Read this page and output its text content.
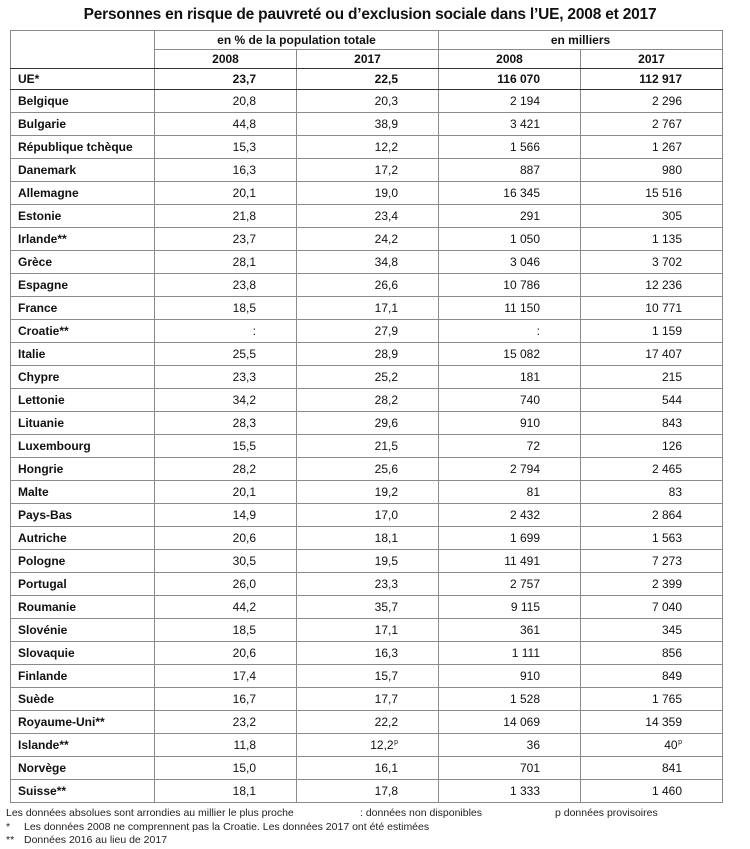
Personnes en risque de pauvreté ou d’exclusion sociale dans l’UE, 2008 et 2017
	en % de la population totale		en milliers	
	2008	2017	2008	2017
UE*	23,7	22,5	116 070	112 917
Belgique	20,8	20,3	2 194	2 296
Bulgarie	44,8	38,9	3 421	2 767
République tchèque	15,3	12,2	1 566	1 267
Danemark	16,3	17,2	887	980
Allemagne	20,1	19,0	16 345	15 516
Estonie	21,8	23,4	291	305
Irlande**	23,7	24,2	1 050	1 135
Grèce	28,1	34,8	3 046	3 702
Espagne	23,8	26,6	10 786	12 236
France	18,5	17,1	11 150	10 771
Croatie**	:	27,9	:	1 159
Italie	25,5	28,9	15 082	17 407
Chypre	23,3	25,2	181	215
Lettonie	34,2	28,2	740	544
Lituanie	28,3	29,6	910	843
Luxembourg	15,5	21,5	72	126
Hongrie	28,2	25,6	2 794	2 465
Malte	20,1	19,2	81	83
Pays-Bas	14,9	17,0	2 432	2 864
Autriche	20,6	18,1	1 699	1 563
Pologne	30,5	19,5	11 491	7 273
Portugal	26,0	23,3	2 757	2 399
Roumanie	44,2	35,7	9 115	7 040
Slovénie	18,5	17,1	361	345
Slovaquie	20,6	16,3	1 111	856
Finlande	17,4	15,7	910	849
Suède	16,7	17,7	1 528	1 765
Royaume-Uni**	23,2	22,2	14 069	14 359
Islande**	11,8	12,2$^p$	36	40$^p$
Norvège	15,0	16,1	701	841
Suisse**	18,1	17,8	1 333	1 460
Les données absolues sont arrondies au millier le plus proche	: données non disponibles	p données provisoires
* Les données 2008 ne comprennent pas la Croatie. Les données 2017 ont été estimées
** Données 2016 au lieu de 2017
